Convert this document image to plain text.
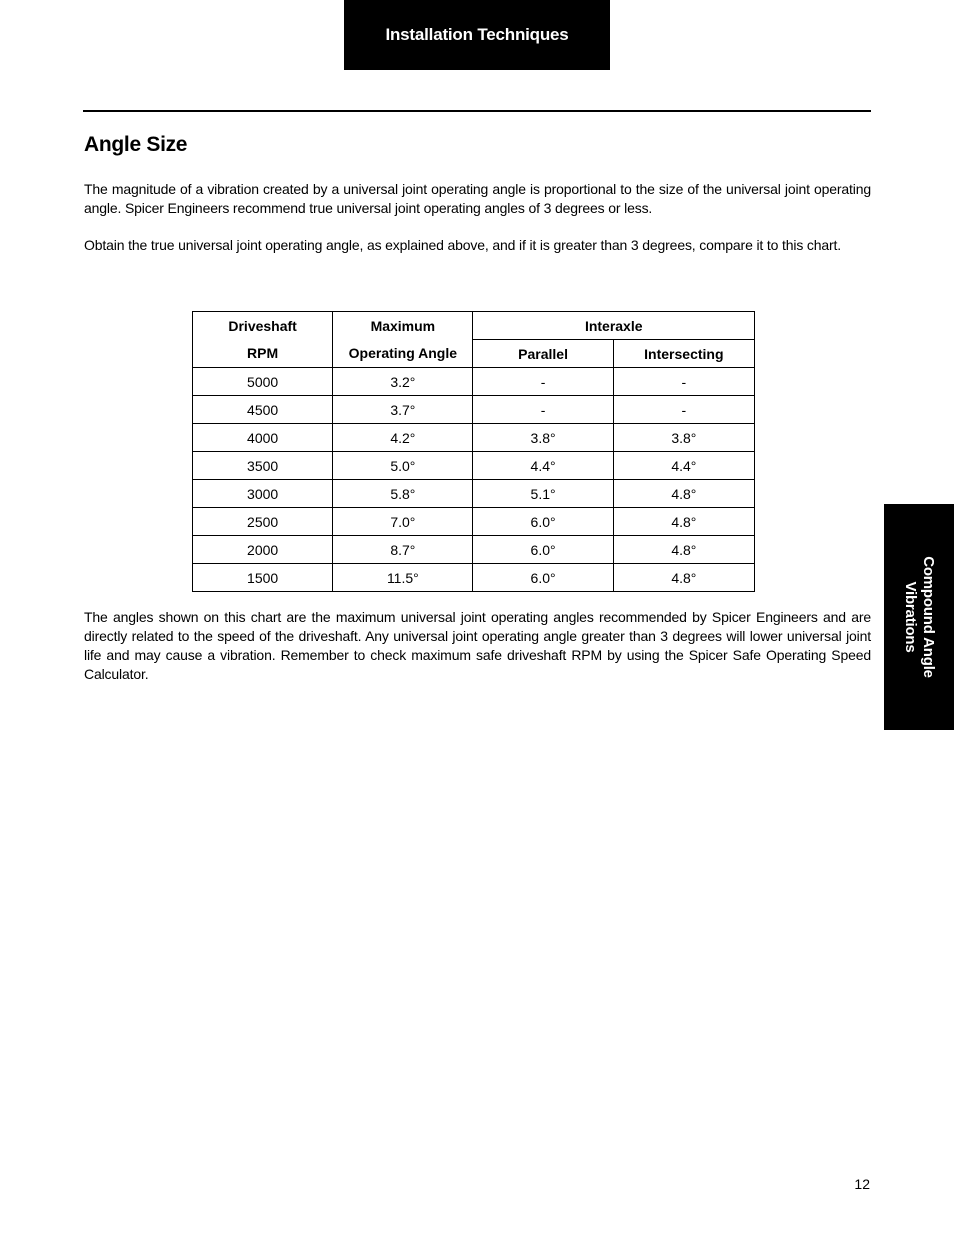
Installation Techniques
Angle Size

The magnitude of a vibration created by a universal joint operating angle is proportional to the size of the universal joint operating angle. Spicer Engineers recommend true universal joint operating angles of 3 degrees or less.

Obtain the true universal joint operating angle, as explained above, and if it is greater than 3 degrees, compare it to this chart.

Driveshaft	Maximum	Interaxle	
RPM	Operating Angle	Parallel	Intersecting
5000	3.2°	-	-
4500	3.7°	-	-
4000	4.2°	3.8°	3.8°
3500	5.0°	4.4°	4.4°
3000	5.8°	5.1°	4.8°
2500	7.0°	6.0°	4.8°
2000	8.7°	6.0°	4.8°
1500	11.5°	6.0°	4.8°

The angles shown on this chart are the maximum universal joint operating angles recommended by Spicer Engineers and are directly related to the speed of the driveshaft. Any universal joint operating angle greater than 3 degrees will lower universal joint life and may cause a vibration. Remember to check maximum safe driveshaft RPM by using the Spicer Safe Operating Speed Calculator.	Compound Angle
Vibrations
12
